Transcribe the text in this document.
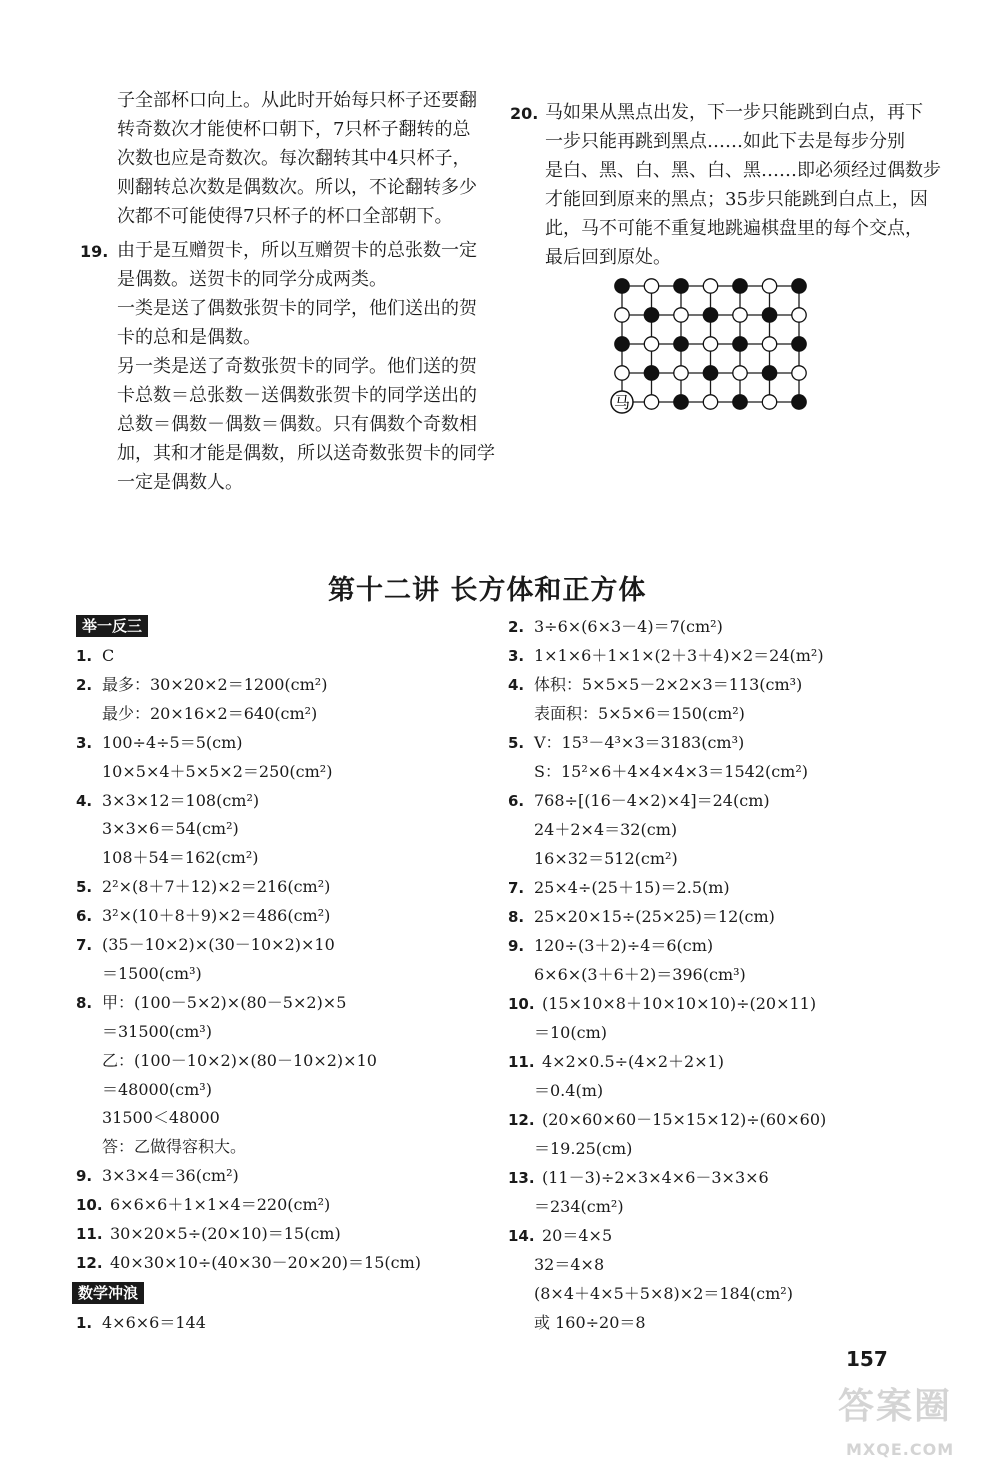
子全部杯口向上。从此时开始每只杯子还要翻
转奇数次才能使杯口朝下，7只杯子翻转的总
次数也应是奇数次。每次翻转其中4只杯子，
则翻转总次数是偶数次。所以，不论翻转多少
次都不可能使得7只杯子的杯口全部朝下。
19. 由于是互赠贺卡，所以互赠贺卡的总张数一定
是偶数。送贺卡的同学分成两类。
一类是送了偶数张贺卡的同学，他们送出的贺
卡的总和是偶数。
另一类是送了奇数张贺卡的同学。他们送的贺
卡总数＝总张数－送偶数张贺卡的同学送出的
总数＝偶数－偶数＝偶数。只有偶数个奇数相
加，其和才能是偶数，所以送奇数张贺卡的同学
一定是偶数人。
20. 马如果从黑点出发，下一步只能跳到白点，再下
一步只能再跳到黑点……如此下去是每步分别
是白、黑、白、黑、白、黑……即必须经过偶数步
才能回到原来的黑点；35步只能跳到白点上，因
此，马不可能不重复地跳遍棋盘里的每个交点，
最后回到原处。
马
第十二讲 长方体和正方体
举一反三
数学冲浪
1. C
2. 最多：30×20×2＝1200(cm²)
最少：20×16×2＝640(cm²)
3. 100÷4÷5＝5(cm)
10×5×4＋5×5×2＝250(cm²)
4. 3×3×12＝108(cm²)
3×3×6＝54(cm²)
108＋54＝162(cm²)
5. 2²×(8＋7＋12)×2＝216(cm²)
6. 3²×(10＋8＋9)×2＝486(cm²)
7. (35－10×2)×(30－10×2)×10
＝1500(cm³)
8. 甲：(100－5×2)×(80－5×2)×5
＝31500(cm³)
乙：(100－10×2)×(80－10×2)×10
＝48000(cm³)
31500＜48000
答：乙做得容积大。
9. 3×3×4＝36(cm²)
10. 6×6×6＋1×1×4＝220(cm²)
11. 30×20×5÷(20×10)＝15(cm)
12. 40×30×10÷(40×30－20×20)＝15(cm)
1. 4×6×6＝144
2. 3÷6×(6×3－4)＝7(cm²)
3. 1×1×6＋1×1×(2＋3＋4)×2＝24(m²)
4. 体积：5×5×5－2×2×3＝113(cm³)
表面积：5×5×6＝150(cm²)
5. V：15³－4³×3＝3183(cm³)
S：15²×6＋4×4×4×3＝1542(cm²)
6. 768÷[(16－4×2)×4]＝24(cm)
24＋2×4＝32(cm)
16×32＝512(cm²)
7. 25×4÷(25＋15)＝2.5(m)
8. 25×20×15÷(25×25)＝12(cm)
9. 120÷(3＋2)÷4＝6(cm)
6×6×(3＋6＋2)＝396(cm³)
10. (15×10×8＋10×10×10)÷(20×11)
＝10(cm)
11. 4×2×0.5÷(4×2＋2×1)
＝0.4(m)
12. (20×60×60－15×15×12)÷(60×60)
＝19.25(cm)
13. (11－3)÷2×3×4×6－3×3×6
＝234(cm²)
14. 20＝4×5
32＝4×8
(8×4＋4×5＋5×8)×2＝184(cm²)
或 160÷20＝8
157
答案圈
MXQE.COM
